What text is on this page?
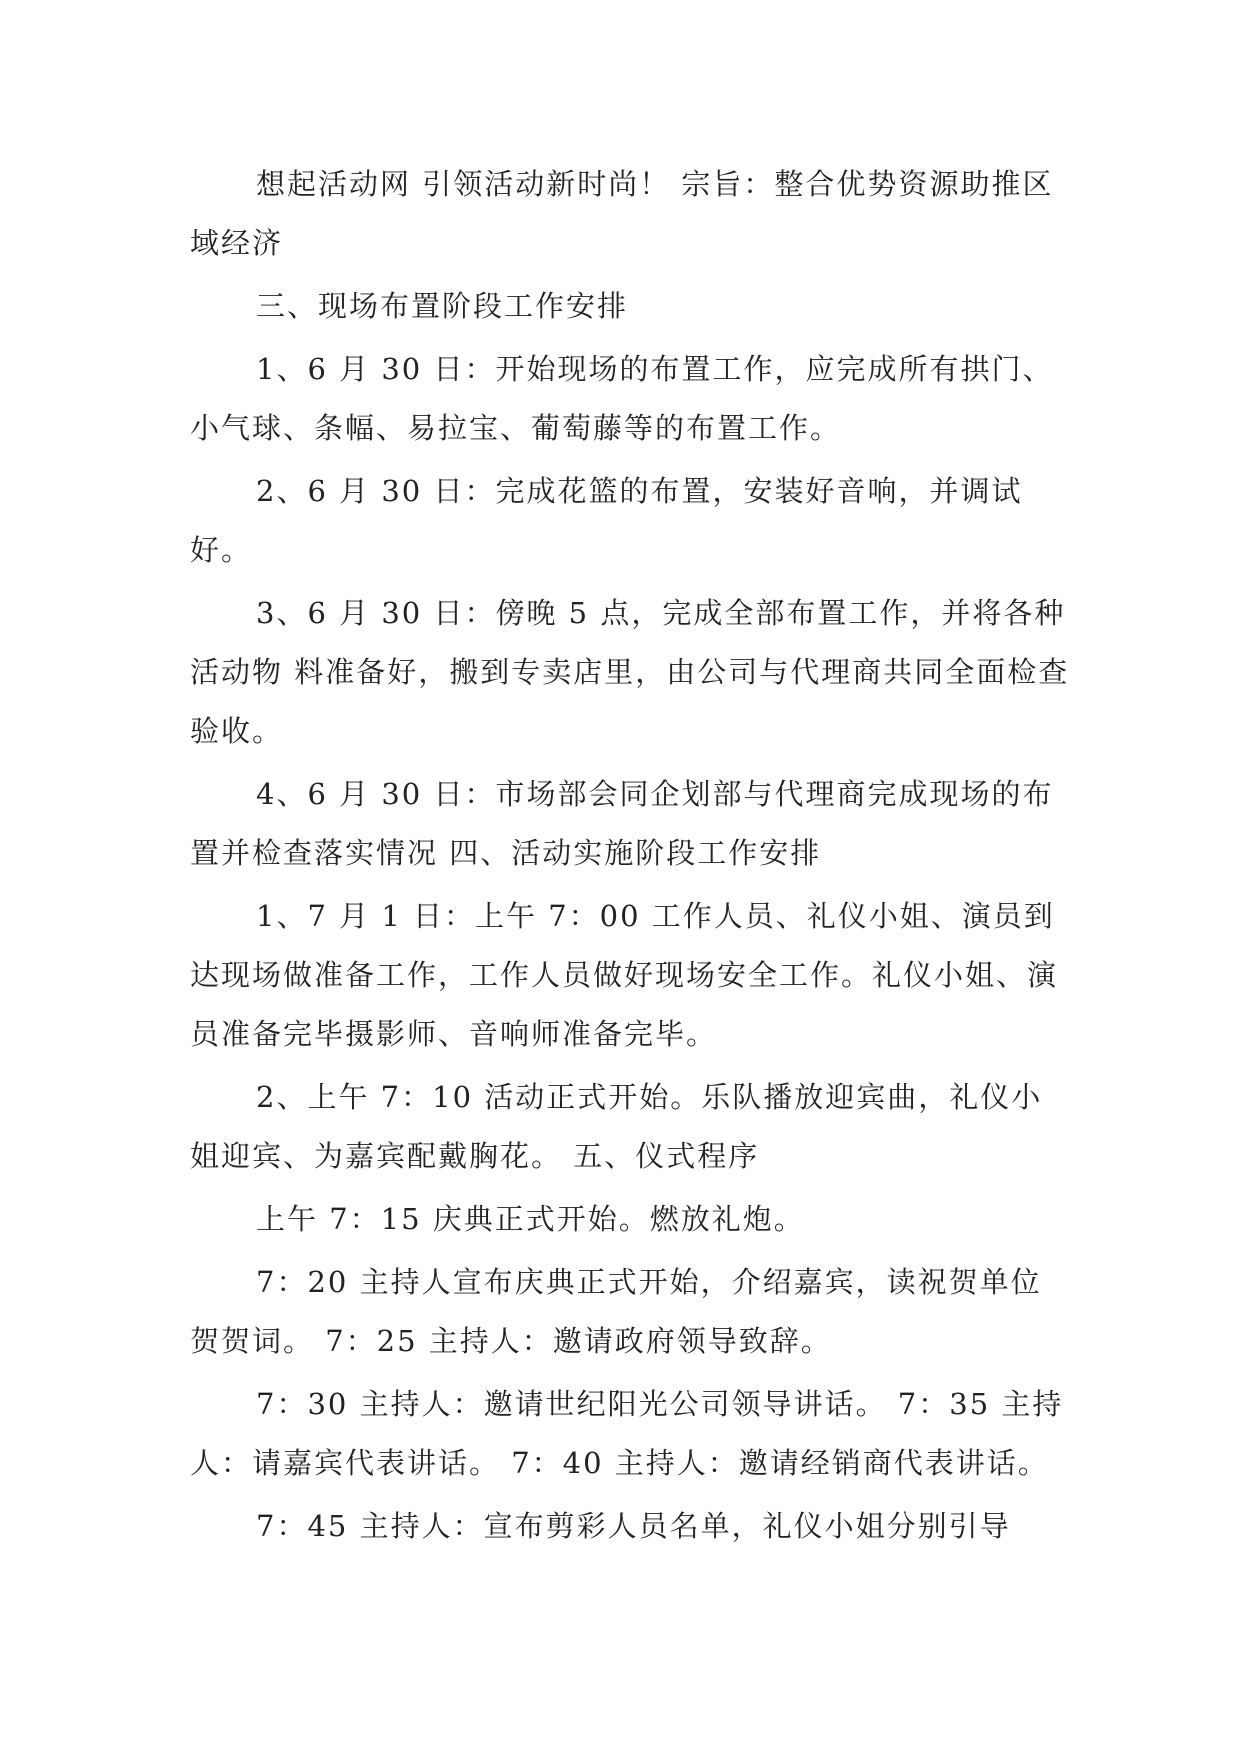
想起活动网 引领活动新时尚！ 宗旨：整合优势资源助推区域经济

三、现场布置阶段工作安排

1、6 月 30 日：开始现场的布置工作，应完成所有拱门、小气球、条幅、易拉宝、葡萄藤等的布置工作。

2、6 月 30 日：完成花篮的布置，安装好音响，并调试好。

3、6 月 30 日：傍晚 5 点，完成全部布置工作，并将各种活动物 料准备好，搬到专卖店里，由公司与代理商共同全面检查验收。

4、6 月 30 日：市场部会同企划部与代理商完成现场的布置并检查落实情况 四、活动实施阶段工作安排

1、7 月 1 日：上午 7：00 工作人员、礼仪小姐、演员到达现场做准备工作，工作人员做好现场安全工作。礼仪小姐、演员准备完毕摄影师、音响师准备完毕。

2、上午 7：10 活动正式开始。乐队播放迎宾曲，礼仪小姐迎宾、为嘉宾配戴胸花。 五、仪式程序

上午 7：15 庆典正式开始。燃放礼炮。

7：20 主持人宣布庆典正式开始，介绍嘉宾，读祝贺单位贺贺词。 7：25 主持人：邀请政府领导致辞。

7：30 主持人：邀请世纪阳光公司领导讲话。 7：35 主持人：请嘉宾代表讲话。 7：40 主持人：邀请经销商代表讲话。

7：45 主持人：宣布剪彩人员名单，礼仪小姐分别引导
